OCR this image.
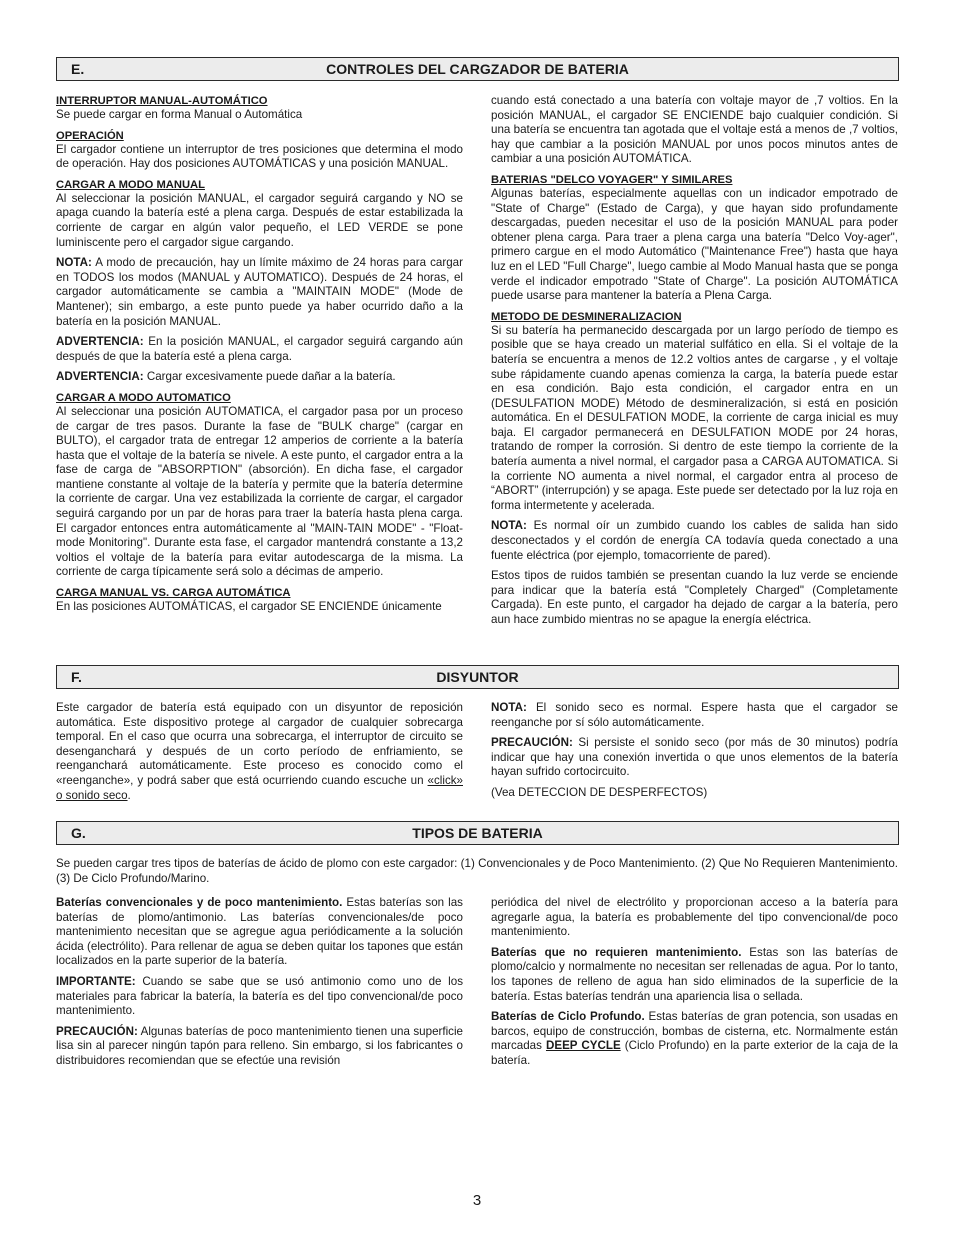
E.	CONTROLES DEL CARGZADOR DE BATERIA

INTERRUPTOR MANUAL-AUTOMÁTICO
Se puede cargar en forma Manual o Automática

OPERACIÓN
El cargador contiene un interruptor de tres posiciones que determina el modo de operación. Hay dos posiciones AUTOMÁTICAS y una posición MANUAL.

CARGAR A MODO MANUAL
Al seleccionar la posición MANUAL, el cargador seguirá cargando y NO se apaga cuando la batería esté a plena carga. Después de estar estabilizada la corriente de cargar en algún valor pequeño, el LED VERDE se pone luminiscente pero el cargador sigue cargando.

NOTA: A modo de precaución, hay un límite máximo de 24 horas para cargar en TODOS los modos (MANUAL y AUTOMATICO). Después de 24 horas, el cargador automáticamente se cambia a "MAINTAIN MODE" (Mode de Mantener); sin embargo, a este punto puede ya haber ocurrido daño a la batería en la posición MANUAL.

ADVERTENCIA: En la posición MANUAL, el cargador seguirá cargando aún después de que la batería esté a plena carga.

ADVERTENCIA: Cargar excesivamente puede dañar a la batería.

CARGAR A MODO AUTOMATICO
Al seleccionar una posición AUTOMATICA, el cargador pasa por un proceso de cargar de tres pasos. Durante la fase de "BULK charge" (cargar en BULTO), el cargador trata de entregar 12 amperios de corriente a la batería hasta que el voltaje de la batería se nivele. A este punto, el cargador entra a la fase de carga de "ABSORPTION" (absorción). En dicha fase, el cargador mantiene constante al voltaje de la batería y permite que la batería determine la corriente de cargar. Una vez estabilizada la corriente de cargar, el cargador seguirá cargando por un par de horas para traer la batería hasta plena carga. El cargador entonces entra automáticamente al "MAIN-TAIN MODE" - "Float-mode Monitoring". Durante esta fase, el cargador mantendrá constante a 13,2 voltios el voltaje de la batería para evitar autodescarga de la misma. La corriente de carga típicamente será solo a décimas de amperio.

CARGA MANUAL VS. CARGA AUTOMÁTICA
En las posiciones AUTOMÁTICAS, el cargador SE ENCIENDE únicamente

cuando está conectado a una batería con voltaje mayor de ,7 voltios. En la posición MANUAL, el cargador SE ENCIENDE bajo cualquier condición. Si una batería se encuentra tan agotada que el voltaje está a menos de ,7 voltios, hay que cambiar a la posición MANUAL por unos pocos minutos antes de cambiar a una posición AUTOMÁTICA.

BATERIAS "DELCO VOYAGER" Y SIMILARES
Algunas baterías, especialmente aquellas con un indicador empotrado de "State of Charge" (Estado de Carga), y que hayan sido profundamente descargadas, pueden necesitar el uso de la posición MANUAL para poder obtener plena carga. Para traer a plena carga una batería "Delco Voy-ager", primero cargue en el modo Automático ("Maintenance Free") hasta que haya luz en el LED "Full Charge", luego cambie al Modo Manual hasta que se ponga verde el indicador empotrado "State of Charge". La posición AUTOMÁTICA puede usarse para mantener la batería a Plena Carga.

METODO DE DESMINERALIZACION
Si su batería ha permanecido descargada por un largo período de tiempo es posible que se haya creado un material sulfático en ella. Si el voltaje de la batería se encuentra a menos de 12.2 voltios antes de cargarse , y el voltaje sube rápidamente cuando apenas comienza la carga, la batería puede estar en esa condición. Bajo esta condición, el cargador entra en un (DESULFATION MODE) Método de desmineralización, si está en posición automática. En el DESULFATION MODE, la corriente de carga inicial es muy baja. El cargador permanecerá en DESULFATION MODE por 24 horas, tratando de romper la corrosión. Si dentro de este tiempo la corriente de la batería aumenta a nivel normal, el cargador pasa a CARGA AUTOMATICA. Si la corriente NO aumenta a nivel normal, el cargador entra al proceso de “ABORT” (interrupción) y se apaga. Este puede ser detectado por la luz roja en forma intermetente y acelerada.

NOTA: Es normal oír un zumbido cuando los cables de salida han sido desconectados y el cordón de energía CA todavía queda conectado a una fuente eléctrica (por ejemplo, tomacorriente de pared).

Estos tipos de ruidos también se presentan cuando la luz verde se enciende para indicar que la batería está "Completely Charged" (Completamente Cargada). En este punto, el cargador ha dejado de cargar a la batería, pero aun hace zumbido mientras no se apague la energía eléctrica.

F.	DISYUNTOR

Este cargador de batería está equipado con un disyuntor de reposición automática. Este dispositivo protege al cargador de cualquier sobrecarga temporal. En el caso que ocurra una sobrecarga, el interruptor de circuito se desenganchará y después de un corto período de enfriamiento, se reenganchará automáticamente. Este proceso es conocido como el «reenganche», y podrá saber que está ocurriendo cuando escuche un «click» o sonido seco.

NOTA: El sonido seco es normal. Espere hasta que el cargador se reenganche por sí sólo automáticamente.

PRECAUCIÓN: Si persiste el sonido seco (por más de 30 minutos) podría indicar que hay una conexión invertida o que unos elementos de la batería hayan sufrido cortocircuito.

(Vea DETECCION DE DESPERFECTOS)

G.	TIPOS DE BATERIA

Se pueden cargar tres tipos de baterías de ácido de plomo con este cargador: (1) Convencionales y de Poco Mantenimiento. (2) Que No Requieren Mantenimiento. (3) De Ciclo Profundo/Marino.

Baterías convencionales y de poco mantenimiento. Estas baterías son las baterías de plomo/antimonio. Las baterías convencionales/de poco mantenimiento necesitan que se agregue agua periódicamente a la solución ácida (electrólito). Para rellenar de agua se deben quitar los tapones que están localizados en la parte superior de la batería.

IMPORTANTE: Cuando se sabe que se usó antimonio como uno de los materiales para fabricar la batería, la batería es del tipo convencional/de poco mantenimiento.

PRECAUCIÓN: Algunas baterías de poco mantenimiento tienen una superficie lisa sin al parecer ningún tapón para relleno. Sin embargo, si los fabricantes o distribuidores recomiendan que se efectúe una revisión

periódica del nivel de electrólito y proporcionan acceso a la batería para agregarle agua, la batería es probablemente del tipo convencional/de poco mantenimiento.

Baterías que no requieren mantenimiento. Estas son las baterías de plomo/calcio y normalmente no necesitan ser rellenadas de agua. Por lo tanto, los tapones de relleno de agua han sido eliminados de la superficie de la batería. Estas baterías tendrán una apariencia lisa o sellada.

Baterías de Ciclo Profundo. Estas baterías de gran potencia, son usadas en barcos, equipo de construcción, bombas de cisterna, etc. Normalmente están marcadas DEEP CYCLE (Ciclo Profundo) en la parte exterior de la caja de la batería.

3
